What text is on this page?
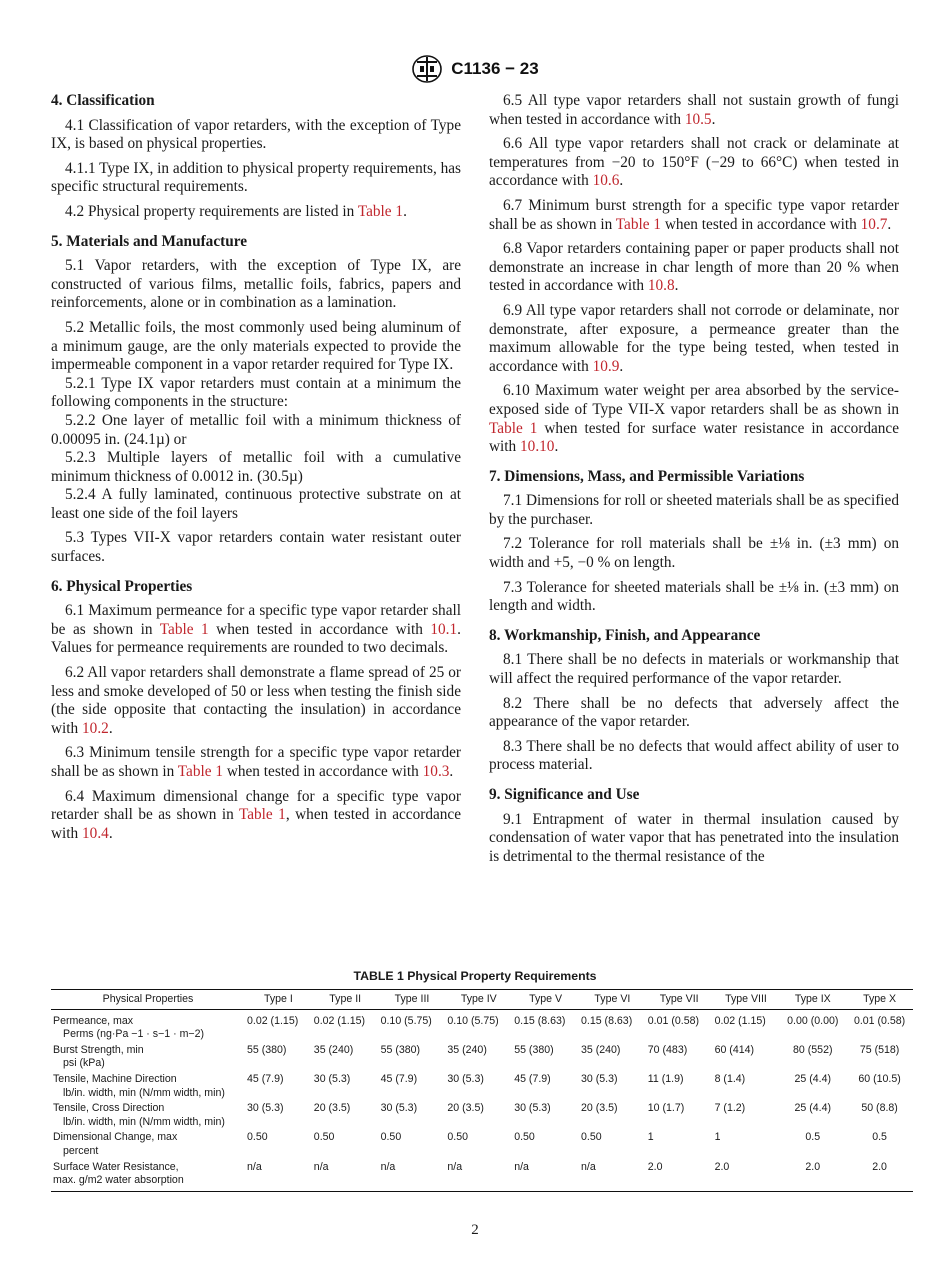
C1136 − 23
4. Classification

4.1 Classification of vapor retarders, with the exception of Type IX, is based on physical properties.

4.1.1 Type IX, in addition to physical property requirements, has specific structural requirements.

4.2 Physical property requirements are listed in Table 1.

5. Materials and Manufacture

5.1 Vapor retarders, with the exception of Type IX, are constructed of various films, metallic foils, fabrics, papers and reinforcements, alone or in combination as a lamination.

5.2 Metallic foils, the most commonly used being aluminum of a minimum gauge, are the only materials expected to provide the impermeable component in a vapor retarder required for Type IX.

5.2.1 Type IX vapor retarders must contain at a minimum the following components in the structure:

5.2.2 One layer of metallic foil with a minimum thickness of 0.00095 in. (24.1µ) or

5.2.3 Multiple layers of metallic foil with a cumulative minimum thickness of 0.0012 in. (30.5µ)

5.2.4 A fully laminated, continuous protective substrate on at least one side of the foil layers

5.3 Types VII-X vapor retarders contain water resistant outer surfaces.

6. Physical Properties

6.1 Maximum permeance for a specific type vapor retarder shall be as shown in Table 1 when tested in accordance with 10.1. Values for permeance requirements are rounded to two decimals.

6.2 All vapor retarders shall demonstrate a flame spread of 25 or less and smoke developed of 50 or less when testing the finish side (the side opposite that contacting the insulation) in accordance with 10.2.

6.3 Minimum tensile strength for a specific type vapor retarder shall be as shown in Table 1 when tested in accordance with 10.3.

6.4 Maximum dimensional change for a specific type vapor retarder shall be as shown in Table 1, when tested in accordance with 10.4.

6.5 All type vapor retarders shall not sustain growth of fungi when tested in accordance with 10.5.

6.6 All type vapor retarders shall not crack or delaminate at temperatures from −20 to 150°F (−29 to 66°C) when tested in accordance with 10.6.

6.7 Minimum burst strength for a specific type vapor retarder shall be as shown in Table 1 when tested in accordance with 10.7.

6.8 Vapor retarders containing paper or paper products shall not demonstrate an increase in char length of more than 20 % when tested in accordance with 10.8.

6.9 All type vapor retarders shall not corrode or delaminate, nor demonstrate, after exposure, a permeance greater than the maximum allowable for the type being tested, when tested in accordance with 10.9.

6.10 Maximum water weight per area absorbed by the service-exposed side of Type VII-X vapor retarders shall be as shown in Table 1 when tested for surface water resistance in accordance with 10.10.

7. Dimensions, Mass, and Permissible Variations

7.1 Dimensions for roll or sheeted materials shall be as specified by the purchaser.

7.2 Tolerance for roll materials shall be ±⅛ in. (±3 mm) on width and +5, −0 % on length.

7.3 Tolerance for sheeted materials shall be ±⅛ in. (±3 mm) on length and width.

8. Workmanship, Finish, and Appearance

8.1 There shall be no defects in materials or workmanship that will affect the required performance of the vapor retarder.

8.2 There shall be no defects that adversely affect the appearance of the vapor retarder.

8.3 There shall be no defects that would affect ability of user to process material.

9. Significance and Use

9.1 Entrapment of water in thermal insulation caused by condensation of water vapor that has penetrated into the insulation is detrimental to the thermal resistance of the

TABLE 1 Physical Property Requirements
Physical Properties	Type I	Type II	Type III	Type IV	Type V	Type VI	Type VII	Type VIII	Type IX	Type X

Permeance, max
Perms (ng·Pa −1 · s−1 · m−2)	0.02 (1.15)	0.02 (1.15)	0.10 (5.75)	0.10 (5.75)	0.15 (8.63)	0.15 (8.63)	0.01 (0.58)	0.02 (1.15)	0.00 (0.00)	0.01 (0.58)

Burst Strength, min
psi (kPa)	55 (380)	35 (240)	55 (380)	35 (240)	55 (380)	35 (240)	70 (483)	60 (414)	80 (552)	75 (518)

Tensile, Machine Direction
lb/in. width, min (N/mm width, min)	45 (7.9)	30 (5.3)	45 (7.9)	30 (5.3)	45 (7.9)	30 (5.3)	11 (1.9)	8 (1.4)	25 (4.4)	60 (10.5)

Tensile, Cross Direction
lb/in. width, min (N/mm width, min)	30 (5.3)	20 (3.5)	30 (5.3)	20 (3.5)	30 (5.3)	20 (3.5)	10 (1.7)	7 (1.2)	25 (4.4)	50 (8.8)

Dimensional Change, max
percent	0.50	0.50	0.50	0.50	0.50	0.50	1	1	0.5	0.5

Surface Water Resistance,
max. g/m2 water absorption	n/a	n/a	n/a	n/a	n/a	n/a	2.0	2.0	2.0	2.0
2
